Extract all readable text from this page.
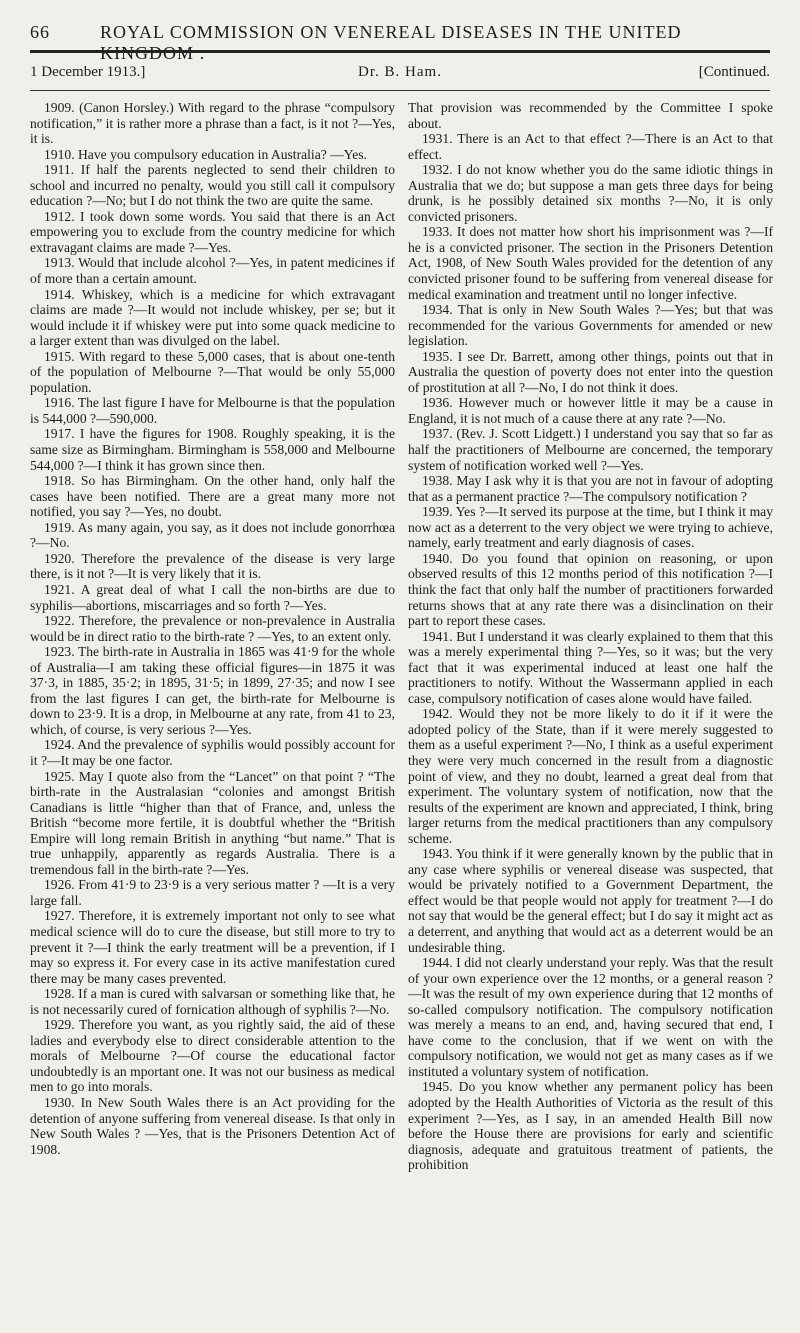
66	ROYAL COMMISSION ON VENEREAL DISEASES IN THE UNITED KINGDOM :
1 December 1913.]	Dr. B. Ham.	[Continued.

1909. (Canon Horsley.) With regard to the phrase “compulsory notification,” it is rather more a phrase than a fact, is it not ?—Yes, it is.

1910. Have you compulsory education in Australia? —Yes.

1911. If half the parents neglected to send their children to school and incurred no penalty, would you still call it compulsory education ?—No; but I do not think the two are quite the same.

1912. I took down some words. You said that there is an Act empowering you to exclude from the country medicine for which extravagant claims are made ?—Yes.

1913. Would that include alcohol ?—Yes, in patent medicines if of more than a certain amount.

1914. Whiskey, which is a medicine for which extravagant claims are made ?—It would not include whiskey, per se; but it would include it if whiskey were put into some quack medicine to a larger extent than was divulged on the label.

1915. With regard to these 5,000 cases, that is about one-tenth of the population of Melbourne ?—That would be only 55,000 population.

1916. The last figure I have for Melbourne is that the population is 544,000 ?—590,000.

1917. I have the figures for 1908. Roughly speaking, it is the same size as Birmingham. Birmingham is 558,000 and Melbourne 544,000 ?—I think it has grown since then.

1918. So has Birmingham. On the other hand, only half the cases have been notified. There are a great many more not notified, you say ?—Yes, no doubt.

1919. As many again, you say, as it does not include gonorrhœa ?—No.

1920. Therefore the prevalence of the disease is very large there, is it not ?—It is very likely that it is.

1921. A great deal of what I call the non-births are due to syphilis—abortions, miscarriages and so forth ?—Yes.

1922. Therefore, the prevalence or non-prevalence in Australia would be in direct ratio to the birth-rate ? —Yes, to an extent only.

1923. The birth-rate in Australia in 1865 was 41·9 for the whole of Australia—I am taking these official figures—in 1875 it was 37·3, in 1885, 35·2; in 1895, 31·5; in 1899, 27·35; and now I see from the last figures I can get, the birth-rate for Melbourne is down to 23·9. It is a drop, in Melbourne at any rate, from 41 to 23, which, of course, is very serious ?—Yes.

1924. And the prevalence of syphilis would possibly account for it ?—It may be one factor.

1925. May I quote also from the “Lancet” on that point ? “The birth-rate in the Australasian “colonies and amongst British Canadians is little “higher than that of France, and, unless the British “become more fertile, it is doubtful whether the “British Empire will long remain British in anything “but name.” That is true unhappily, apparently as regards Australia. There is a tremendous fall in the birth-rate ?—Yes.

1926. From 41·9 to 23·9 is a very serious matter ? —It is a very large fall.

1927. Therefore, it is extremely important not only to see what medical science will do to cure the disease, but still more to try to prevent it ?—I think the early treatment will be a prevention, if I may so express it. For every case in its active manifestation cured there may be many cases prevented.

1928. If a man is cured with salvarsan or something like that, he is not necessarily cured of fornication although of syphilis ?—No.

1929. Therefore you want, as you rightly said, the aid of these ladies and everybody else to direct considerable attention to the morals of Melbourne ?—Of course the educational factor undoubtedly is an mportant one. It was not our business as medical men to go into morals.

1930. In New South Wales there is an Act providing for the detention of anyone suffering from venereal disease. Is that only in New South Wales ? —Yes, that is the Prisoners Detention Act of 1908.

That provision was recommended by the Committee I spoke about.

1931. There is an Act to that effect ?—There is an Act to that effect.

1932. I do not know whether you do the same idiotic things in Australia that we do; but suppose a man gets three days for being drunk, is he possibly detained six months ?—No, it is only convicted prisoners.

1933. It does not matter how short his imprisonment was ?—If he is a convicted prisoner. The section in the Prisoners Detention Act, 1908, of New South Wales provided for the detention of any convicted prisoner found to be suffering from venereal disease for medical examination and treatment until no longer infective.

1934. That is only in New South Wales ?—Yes; but that was recommended for the various Governments for amended or new legislation.

1935. I see Dr. Barrett, among other things, points out that in Australia the question of poverty does not enter into the question of prostitution at all ?—No, I do not think it does.

1936. However much or however little it may be a cause in England, it is not much of a cause there at any rate ?—No.

1937. (Rev. J. Scott Lidgett.) I understand you say that so far as half the practitioners of Melbourne are concerned, the temporary system of notification worked well ?—Yes.

1938. May I ask why it is that you are not in favour of adopting that as a permanent practice ?—The compulsory notification ?

1939. Yes ?—It served its purpose at the time, but I think it may now act as a deterrent to the very object we were trying to achieve, namely, early treatment and early diagnosis of cases.

1940. Do you found that opinion on reasoning, or upon observed results of this 12 months period of this notification ?—I think the fact that only half the number of practitioners forwarded returns shows that at any rate there was a disinclination on their part to report these cases.

1941. But I understand it was clearly explained to them that this was a merely experimental thing ?—Yes, so it was; but the very fact that it was experimental induced at least one half the practitioners to notify. Without the Wassermann applied in each case, compulsory notification of cases alone would have failed.

1942. Would they not be more likely to do it if it were the adopted policy of the State, than if it were merely suggested to them as a useful experiment ?—No, I think as a useful experiment they were very much concerned in the result from a diagnostic point of view, and they no doubt, learned a great deal from that experiment. The voluntary system of notification, now that the results of the experiment are known and appreciated, I think, bring larger returns from the medical practitioners than any compulsory scheme.

1943. You think if it were generally known by the public that in any case where syphilis or venereal disease was suspected, that would be privately notified to a Government Department, the effect would be that people would not apply for treatment ?—I do not say that would be the general effect; but I do say it might act as a deterrent, and anything that would act as a deterrent would be an undesirable thing.

1944. I did not clearly understand your reply. Was that the result of your own experience over the 12 months, or a general reason ?—It was the result of my own experience during that 12 months of so-called compulsory notification. The compulsory notification was merely a means to an end, and, having secured that end, I have come to the conclusion, that if we went on with the compulsory notification, we would not get as many cases as if we instituted a voluntary system of notification.

1945. Do you know whether any permanent policy has been adopted by the Health Authorities of Victoria as the result of this experiment ?—Yes, as I say, in an amended Health Bill now before the House there are provisions for early and scientific diagnosis, adequate and gratuitous treatment of patients, the prohibition
